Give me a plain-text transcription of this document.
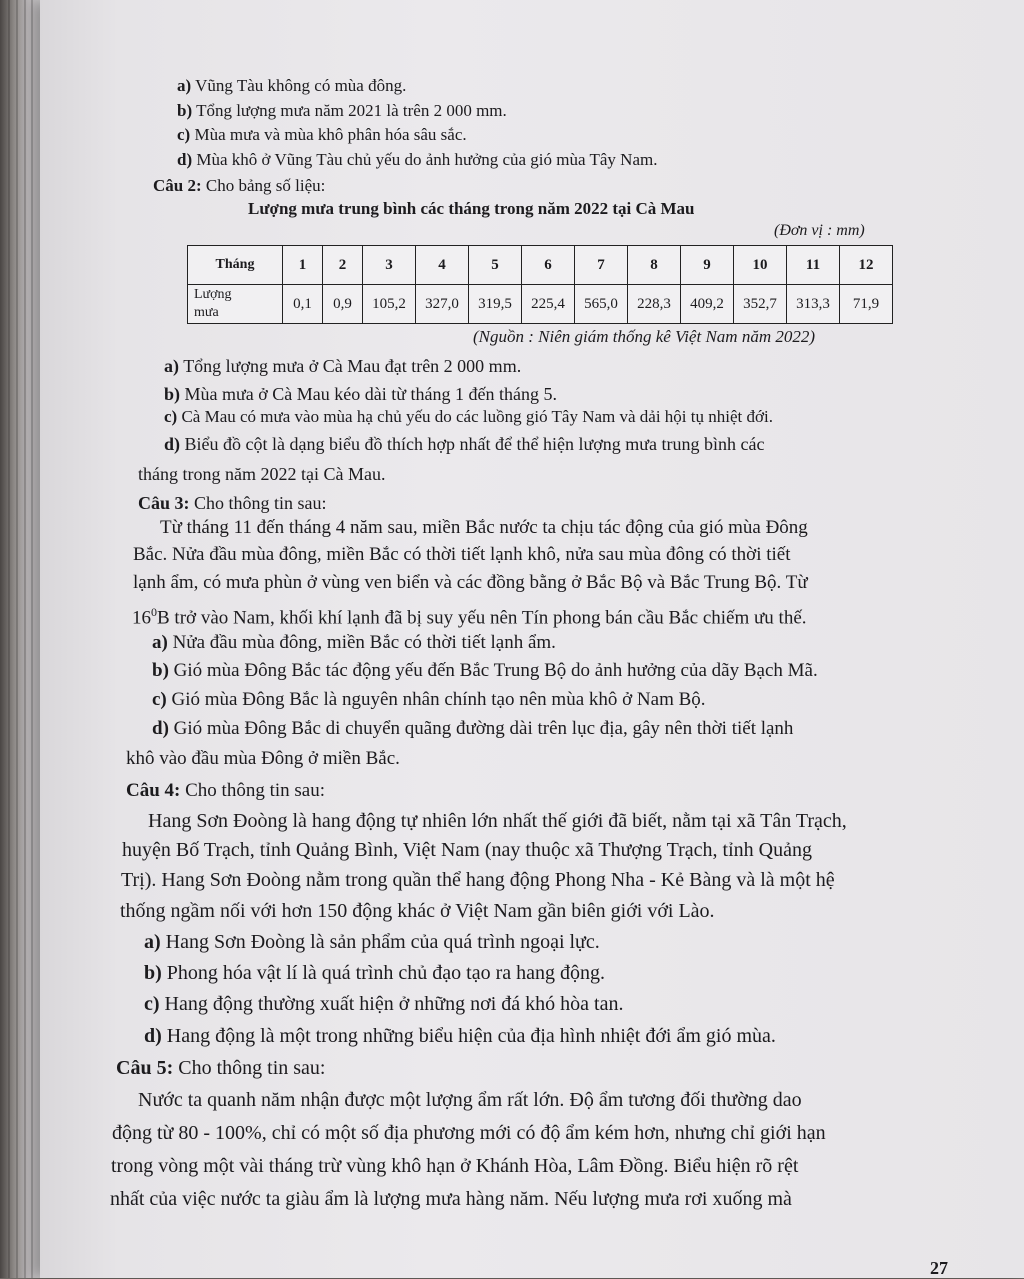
a) Vũng Tàu không có mùa đông.
b) Tổng lượng mưa năm 2021 là trên 2 000 mm.
c) Mùa mưa và mùa khô phân hóa sâu sắc.
d) Mùa khô ở Vũng Tàu chủ yếu do ảnh hưởng của gió mùa Tây Nam.
Câu 2: Cho bảng số liệu:
Lượng mưa trung bình các tháng trong năm 2022 tại Cà Mau
(Đơn vị : mm)
Tháng	1	2	3	4	5	6	7	8	9	10	11	12
Lượng
mưa	0,1	0,9	105,2	327,0	319,5	225,4	565,0	228,3	409,2	352,7	313,3	71,9
(Nguồn : Niên giám thống kê Việt Nam năm 2022)
a) Tổng lượng mưa ở Cà Mau đạt trên 2 000 mm.
b) Mùa mưa ở Cà Mau kéo dài từ tháng 1 đến tháng 5.
c) Cà Mau có mưa vào mùa hạ chủ yếu do các luồng gió Tây Nam và dải hội tụ nhiệt đới.
d) Biểu đồ cột là dạng biểu đồ thích hợp nhất để thể hiện lượng mưa trung bình các
tháng trong năm 2022 tại Cà Mau.
Câu 3: Cho thông tin sau:
Từ tháng 11 đến tháng 4 năm sau, miền Bắc nước ta chịu tác động của gió mùa Đông
Bắc. Nửa đầu mùa đông, miền Bắc có thời tiết lạnh khô, nửa sau mùa đông có thời tiết
lạnh ẩm, có mưa phùn ở vùng ven biển và các đồng bằng ở Bắc Bộ và Bắc Trung Bộ. Từ
$16^0B$ trở vào Nam, khối khí lạnh đã bị suy yếu nên Tín phong bán cầu Bắc chiếm ưu thế.
a) Nửa đầu mùa đông, miền Bắc có thời tiết lạnh ẩm.
b) Gió mùa Đông Bắc tác động yếu đến Bắc Trung Bộ do ảnh hưởng của dãy Bạch Mã.
c) Gió mùa Đông Bắc là nguyên nhân chính tạo nên mùa khô ở Nam Bộ.
d) Gió mùa Đông Bắc di chuyển quãng đường dài trên lục địa, gây nên thời tiết lạnh
khô vào đầu mùa Đông ở miền Bắc.
Câu 4: Cho thông tin sau:
Hang Sơn Đoòng là hang động tự nhiên lớn nhất thế giới đã biết, nằm tại xã Tân Trạch,
huyện Bố Trạch, tỉnh Quảng Bình, Việt Nam (nay thuộc xã Thượng Trạch, tỉnh Quảng
Trị). Hang Sơn Đoòng nằm trong quần thể hang động Phong Nha - Kẻ Bàng và là một hệ
thống ngầm nối với hơn 150 động khác ở Việt Nam gần biên giới với Lào.
a) Hang Sơn Đoòng là sản phẩm của quá trình ngoại lực.
b) Phong hóa vật lí là quá trình chủ đạo tạo ra hang động.
c) Hang động thường xuất hiện ở những nơi đá khó hòa tan.
d) Hang động là một trong những biểu hiện của địa hình nhiệt đới ẩm gió mùa.
Câu 5: Cho thông tin sau:
Nước ta quanh năm nhận được một lượng ẩm rất lớn. Độ ẩm tương đối thường dao
động từ 80 - 100%, chỉ có một số địa phương mới có độ ẩm kém hơn, nhưng chỉ giới hạn
trong vòng một vài tháng trừ vùng khô hạn ở Khánh Hòa, Lâm Đồng. Biểu hiện rõ rệt
nhất của việc nước ta giàu ẩm là lượng mưa hàng năm. Nếu lượng mưa rơi xuống mà
27
